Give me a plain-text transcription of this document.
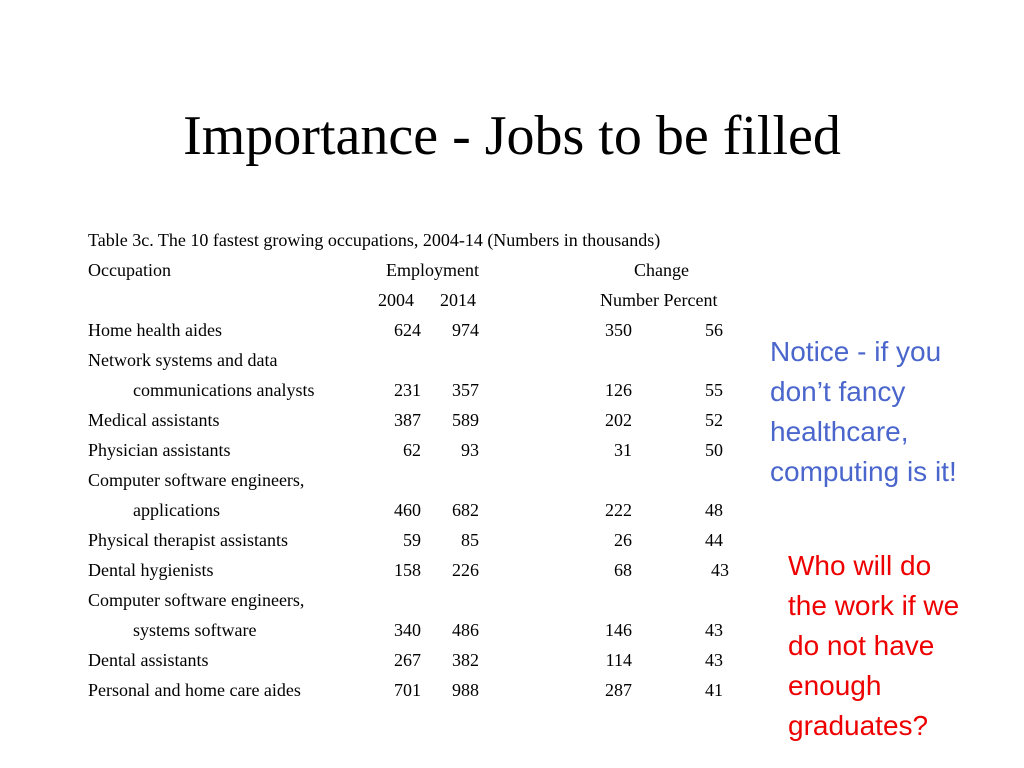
Importance - Jobs to be filled
Table 3c. The 10 fastest growing occupations, 2004-14 (Numbers in thousands)
Occupation	Employment	Change
2004 2014	Number Percent
Home health aides	624 974	350	56
Network systems and data
communications analysts	231 357	126	55
Medical assistants	387 589	202	52
Physician assistants	62 93	31	50
Computer software engineers,
applications	460 682	222	48
Physical therapist assistants	59 85	26	44
Dental hygienists	158 226	68	43
Computer software engineers,
systems software	340 486	146	43
Dental assistants	267 382	114	43
Personal and home care aides	701 988	287	41
Notice - if you
don’t fancy
healthcare,
computing is it!
Who will do
the work if we
do not have
enough
graduates?
